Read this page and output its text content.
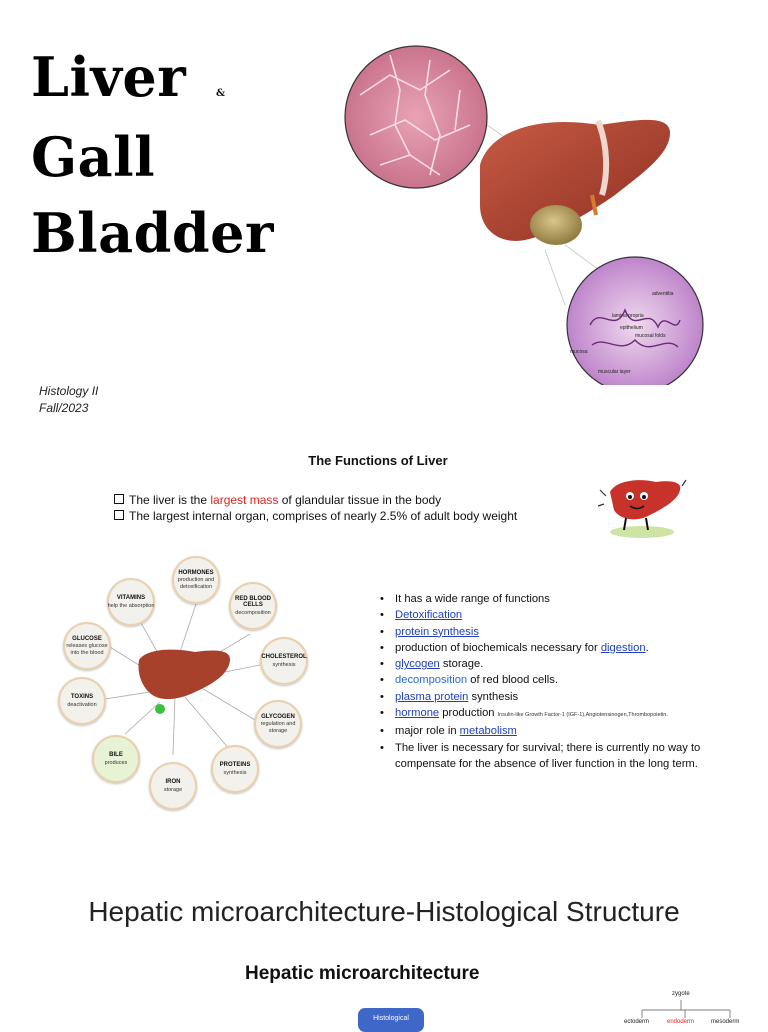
Liver	&
Gall
Bladder
Histology II
Fall/2023
adventitia
lamina propria
epithelium
mucosal folds
mucosa
muscular layer
The Functions of Liver
The liver is the largest mass of glandular tissue in the body
The largest internal organ, comprises of nearly 2.5% of adult body weight
HORMONES
production and detoxification
RED BLOOD CELLS
decomposition
CHOLESTEROL
synthesis
GLYCOGEN
regulation and storage
PROTEINS
synthesis
IRON
storage
BILE
produces
TOXINS
deactivation
GLUCOSE
releases glucose into the blood
VITAMINS
help the absorption
• It has a wide range of functions
• Detoxification
• protein synthesis
• production of biochemicals necessary for digestion.
• glycogen storage.
• decomposition of red blood cells.
• plasma protein synthesis
• hormone production Insulin-like Growth Factor-1 (IGF-1),Angiotensinogen,Thrombopoietin.
• major role in metabolism
• The liver is necessary for survival; there is currently no way to compensate for the absence of liver function in the long term.
Hepatic microarchitecture-Histological Structure
Hepatic microarchitecture
Histological
zygote
ectoderm	endoderm	mesoderm
